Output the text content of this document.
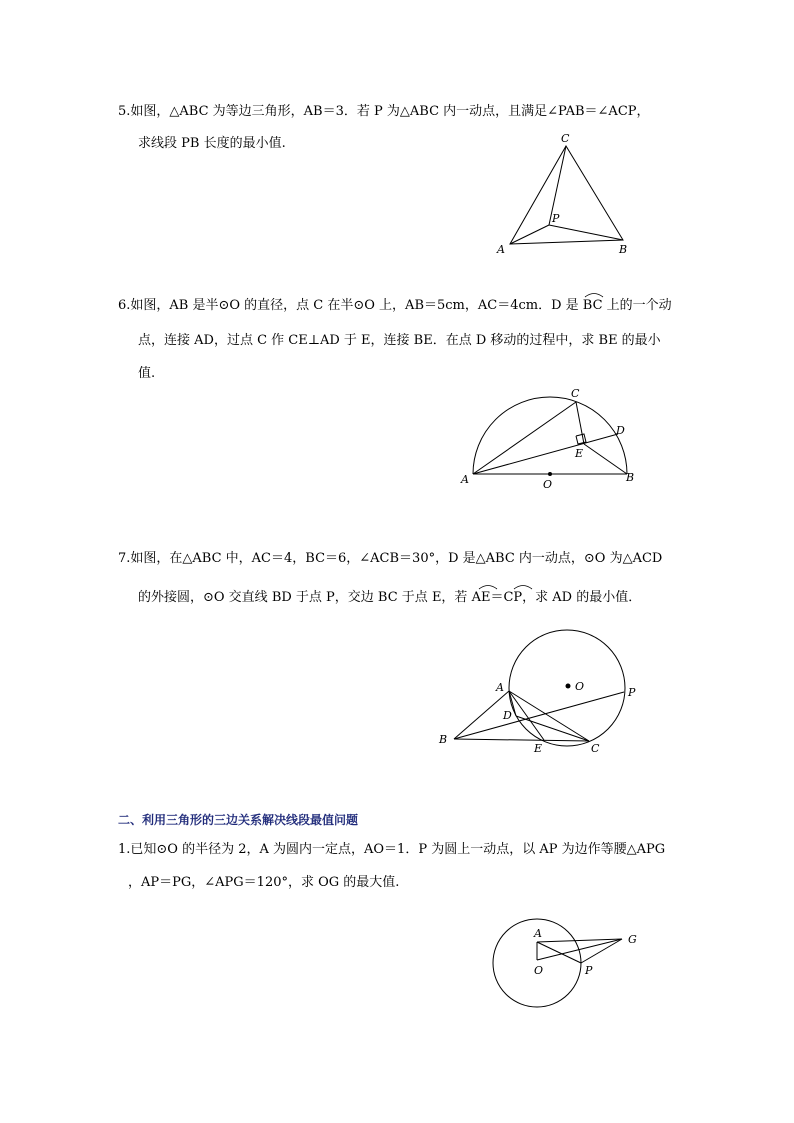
5.如图，△ABC 为等边三角形，AB＝3．若 P 为△ABC 内一动点，且满足∠PAB＝∠ACP，
求线段 PB 长度的最小值.	C
P
A	B
6.如图，AB 是半⊙O 的直径，点 C 在半⊙O 上，AB＝5cm，AC＝4cm．D 是 BC 上的一个动
点，连接 AD，过点 C 作 CE⊥AD 于 E，连接 BE．在点 D 移动的过程中，求 BE 的最小
值.
C
D
E
A	O
B
7.如图，在△ABC 中，AC＝4，BC＝6，∠ACB＝30°，D 是△ABC 内一动点，⊙O 为△ACD
的外接圆，⊙O 交直线 BD 于点 P，交边 BC 于点 E，若 AE＝CP，求 AD 的最小值．
O
A	P
D
B
E	C
二、利用三角形的三边关系解决线段最值问题
1.已知⊙O 的半径为 2，A 为圆内一定点，AO＝1．P 为圆上一动点，以 AP 为边作等腰△APG
，AP＝PG，∠APG＝120°，求 OG 的最大值.
A	G
O	P
